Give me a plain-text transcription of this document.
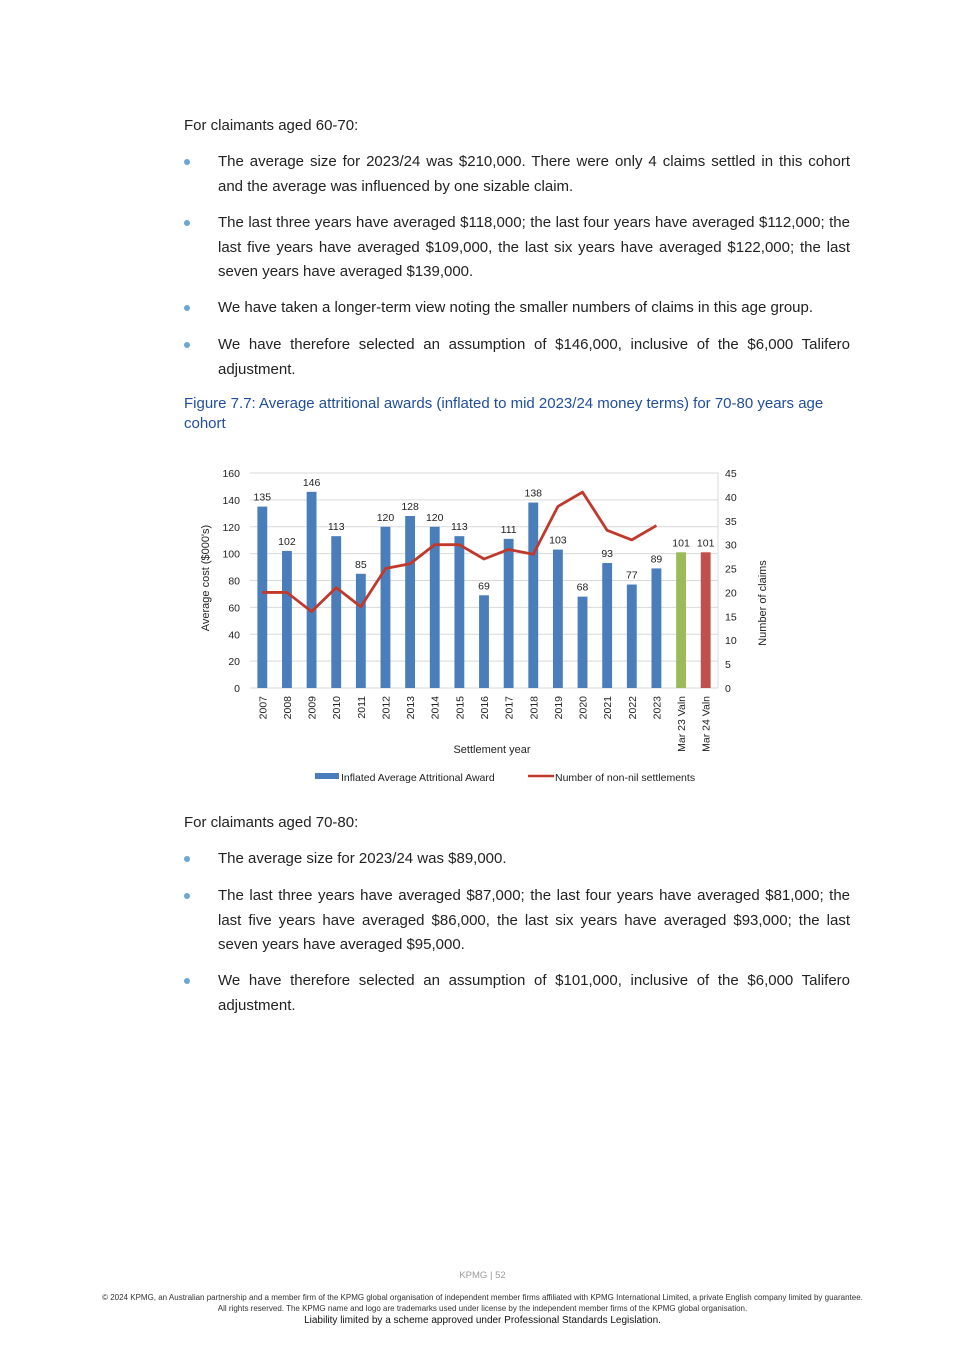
For claimants aged 60-70:
The average size for 2023/24 was $210,000. There were only 4 claims settled in this cohort and the average was influenced by one sizable claim.
The last three years have averaged $118,000; the last four years have averaged $112,000; the last five years have averaged $109,000, the last six years have averaged $122,000; the last seven years have averaged $139,000.
We have taken a longer-term view noting the smaller numbers of claims in this age group.
We have therefore selected an assumption of $146,000, inclusive of the $6,000 Talifero adjustment.
Figure 7.7: Average attritional awards (inflated to mid 2023/24 money terms) for 70-80 years age cohort
135
102
146
113
85
120
128
120
113
69
111
138
103
68
93
77
89
101 101
0
20
40
60
80
100
120
140
160
0
5
10
15
20
25
30
35
40
45
2007 2008 2009 2010 2011 2012 2013 2014 2015 2016 2017 2018 2019 2020 2021 2022 2023 Mar 23 Valn Mar 24 Valn
Average cost ($000's)	Number of claims
Settlement year
Inflated Average Attritional Award	Number of non-nil settlements
For claimants aged 70-80:
The average size for 2023/24 was $89,000.
The last three years have averaged $87,000; the last four years have averaged $81,000; the last five years have averaged $86,000, the last six years have averaged $93,000; the last seven years have averaged $95,000.
We have therefore selected an assumption of $101,000, inclusive of the $6,000 Talifero adjustment.
KPMG | 52
© 2024 KPMG, an Australian partnership and a member firm of the KPMG global organisation of independent member firms affiliated with KPMG International Limited, a private English company limited by guarantee. All rights reserved. The KPMG name and logo are trademarks used under license by the independent member firms of the KPMG global organisation.
Liability limited by a scheme approved under Professional Standards Legislation.
